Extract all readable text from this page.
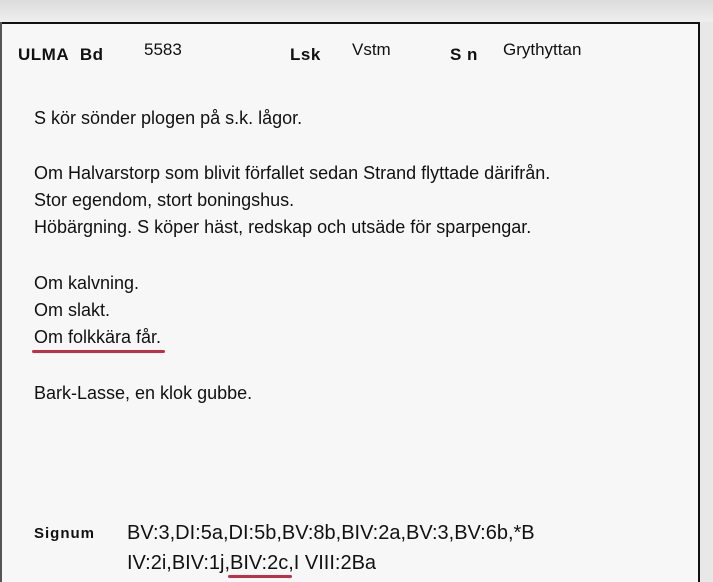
ULMA Bd 5583	Lsk Vstm	S n Grythyttan
S kör sönder plogen på s.k. lågor.
Om Halvarstorp som blivit förfallet sedan Strand flyttade därifrån.
Stor egendom, stort boningshus.
Höbärgning. S köper häst, redskap och utsäde för sparpengar.
Om kalvning.
Om slakt.
Om folkkära får.
Bark-Lasse, en klok gubbe.
Signum BV:3,DI:5a,DI:5b,BV:8b,BIV:2a,BV:3,BV:6b,*B
IV:2i,BIV:1j,BIV:2c
,I VIII:2Ba
